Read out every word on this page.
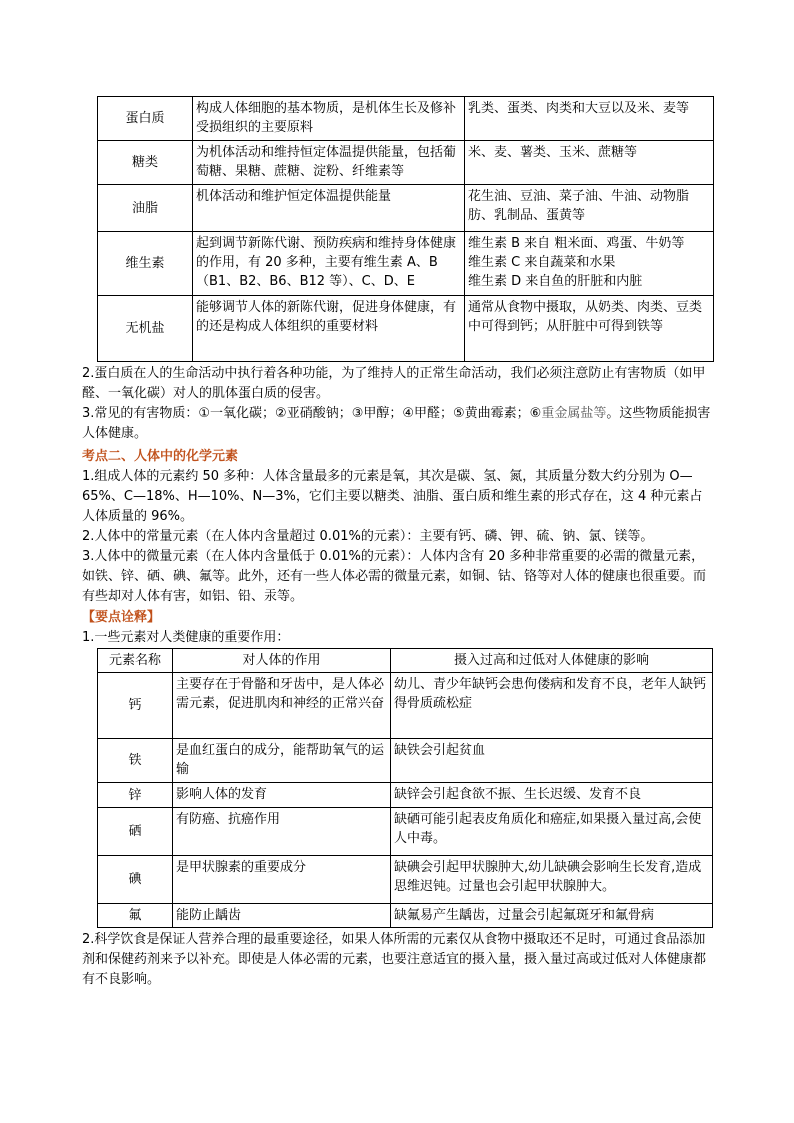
蛋白质	构成人体细胞的基本物质，是机体生长及修补受损组织的主要原料	乳类、蛋类、肉类和大豆以及米、麦等
糖类	为机体活动和维持恒定体温提供能量，包括葡萄糖、果糖、蔗糖、淀粉、纤维素等	米、麦、薯类、玉米、蔗糖等
油脂	机体活动和维护恒定体温提供能量	花生油、豆油、菜子油、牛油、动物脂肪、乳制品、蛋黄等
维生素	起到调节新陈代谢、预防疾病和维持身体健康的作用，有 20 多种，主要有维生素 A、B（B1、B2、B6、B12 等）、C、D、E	维生素 B 来自 粗米面、鸡蛋、牛奶等
维生素 C 来自蔬菜和水果
维生素 D 来自鱼的肝脏和内脏

无机盐	能够调节人体的新陈代谢，促进身体健康，有的还是构成人体组织的重要材料	通常从食物中摄取，从奶类、肉类、豆类中可得到钙；从肝脏中可得到铁等

2.蛋白质在人的生命活动中执行着各种功能，为了维持人的正常生命活动，我们必须注意防止有害物质（如甲醛、一氧化碳）对人的肌体蛋白质的侵害。

3.常见的有害物质：①一氧化碳；②亚硝酸钠；③甲醇；④甲醛；⑤黄曲霉素；⑥重金属盐等。这些物质能损害人体健康。

考点二、人体中的化学元素

1.组成人体的元素约 50 多种：人体含量最多的元素是氧，其次是碳、氢、氮，其质量分数大约分别为 O—65%、C—18%、H—10%、N—3%，它们主要以糖类、油脂、蛋白质和维生素的形式存在，这 4 种元素占人体质量的 96%。

2.人体中的常量元素（在人体内含量超过 0.01%的元素）：主要有钙、磷、钾、硫、钠、氯、镁等。

3.人体中的微量元素（在人体内含量低于 0.01%的元素）：人体内含有 20 多种非常重要的必需的微量元素，如铁、锌、硒、碘、氟等。此外，还有一些人体必需的微量元素，如铜、钴、铬等对人体的健康也很重要。而有些却对人体有害，如铝、铅、汞等。

【要点诠释】

1.一些元素对人类健康的重要作用：

元素名称	对人体的作用	摄入过高和过低对人体健康的影响
钙	主要存在于骨骼和牙齿中，是人体必需元素，促进肌肉和神经的正常兴奋	幼儿、青少年缺钙会患佝偻病和发育不良，老年人缺钙得骨质疏松症
铁	是血红蛋白的成分，能帮助氧气的运输	缺铁会引起贫血
锌	影响人体的发育	缺锌会引起食欲不振、生长迟缓、发育不良
硒	有防癌、抗癌作用	缺硒可能引起表皮角质化和癌症,如果摄入量过高,会使人中毒。
碘	是甲状腺素的重要成分	缺碘会引起甲状腺肿大,幼儿缺碘会影响生长发育,造成思维迟钝。过量也会引起甲状腺肿大。
氟	能防止龋齿	缺氟易产生龋齿，过量会引起氟斑牙和氟骨病

2.科学饮食是保证人营养合理的最重要途径，如果人体所需的元素仅从食物中摄取还不足时，可通过食品添加剂和保健药剂来予以补充。即使是人体必需的元素，也要注意适宜的摄入量，摄入量过高或过低对人体健康都有不良影响。
